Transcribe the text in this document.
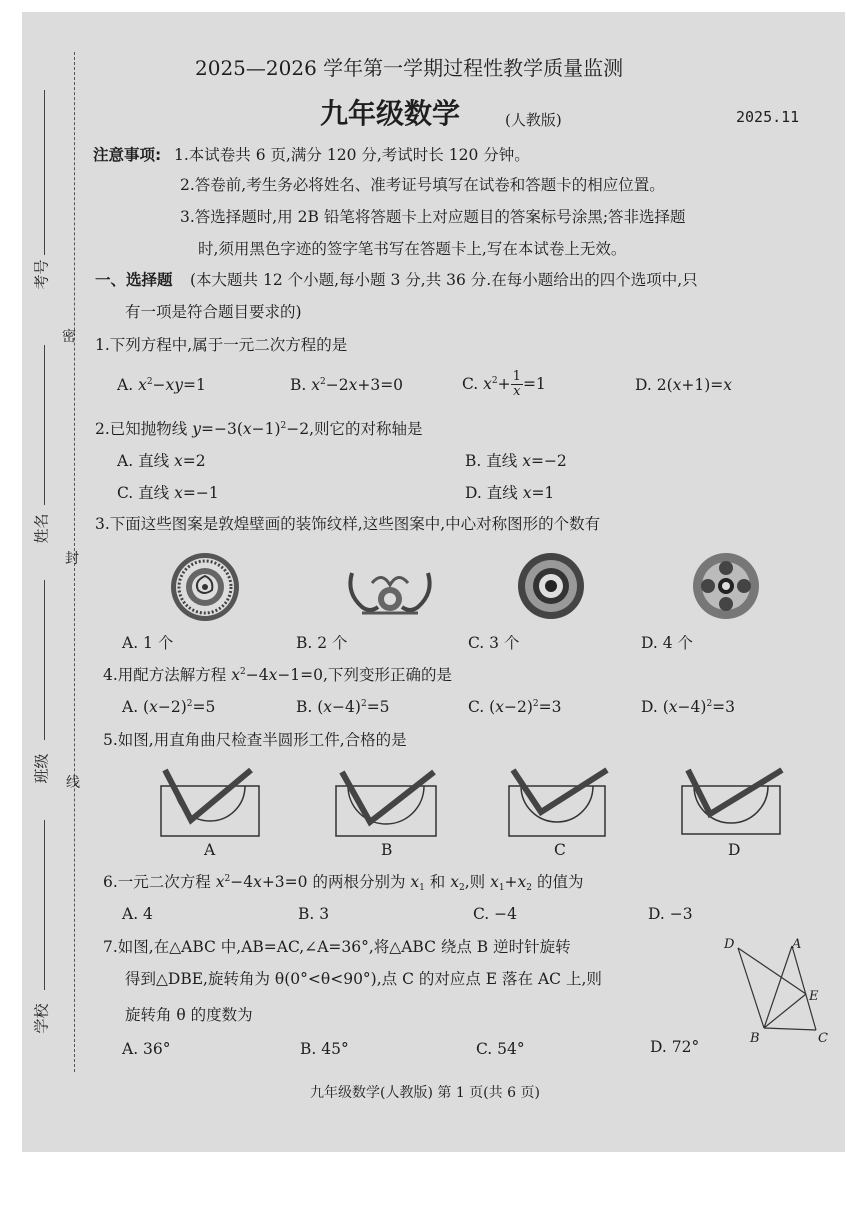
考号
姓名
班级
学校
密
封
线
2025—2026 学年第一学期过程性教学质量监测
九年级数学	(人教版)	2025.11
注意事项: 1.本试卷共 6 页,满分 120 分,考试时长 120 分钟。
2.答卷前,考生务必将姓名、准考证号填写在试卷和答题卡的相应位置。
3.答选择题时,用 2B 铅笔将答题卡上对应题目的答案标号涂黑;答非选择题
时,须用黑色字迹的签字笔书写在答题卡上,写在本试卷上无效。
一、选择题 (本大题共 12 个小题,每小题 3 分,共 36 分.在每小题给出的四个选项中,只
有一项是符合题目要求的)
1.下列方程中,属于一元二次方程的是
A. $x^2-xy=1$	B. $x^2-2x+3=0$	C. $x^2+ \frac{1}{x} =1$	D. 2(x+1)=x
2.已知抛物线 $y=-3(x-1)^2-2$,则它的对称轴是
A. 直线 x=2	B. 直线 x=−2
C. 直线 x=−1	D. 直线 x=1
3.下面这些图案是敦煌壁画的装饰纹样,这些图案中,中心对称图形的个数有
A. 1 个	B. 2 个	C. 3 个	D. 4 个
4.用配方法解方程 $x^2-4x-1=0$,下列变形正确的是
A. $(x-2)^2=5$	B. $(x-4)^2=5$	C. $(x-2)^2=3$	D. $(x-4)^2=3$
5.如图,用直角曲尺检查半圆形工件,合格的是
A	B	C	D
6.一元二次方程 $x^2-4x+3=0$ 的两根分别为 $x_1$ 和 $x_2$,则 $x_1+x_2$ 的值为
A. 4	B. 3	C. −4	D. −3
7.如图,在△ABC 中,AB=AC,∠A=36°,将△ABC 绕点 B 逆时针旋转
得到△DBE,旋转角为 θ(0°<θ<90°),点 C 的对应点 E 落在 AC 上,则
旋转角 θ 的度数为
A. 36°	B. 45°	C. 54°	D. 72°
D	A
E
B	C
九年级数学(人教版) 第 1 页(共 6 页)
